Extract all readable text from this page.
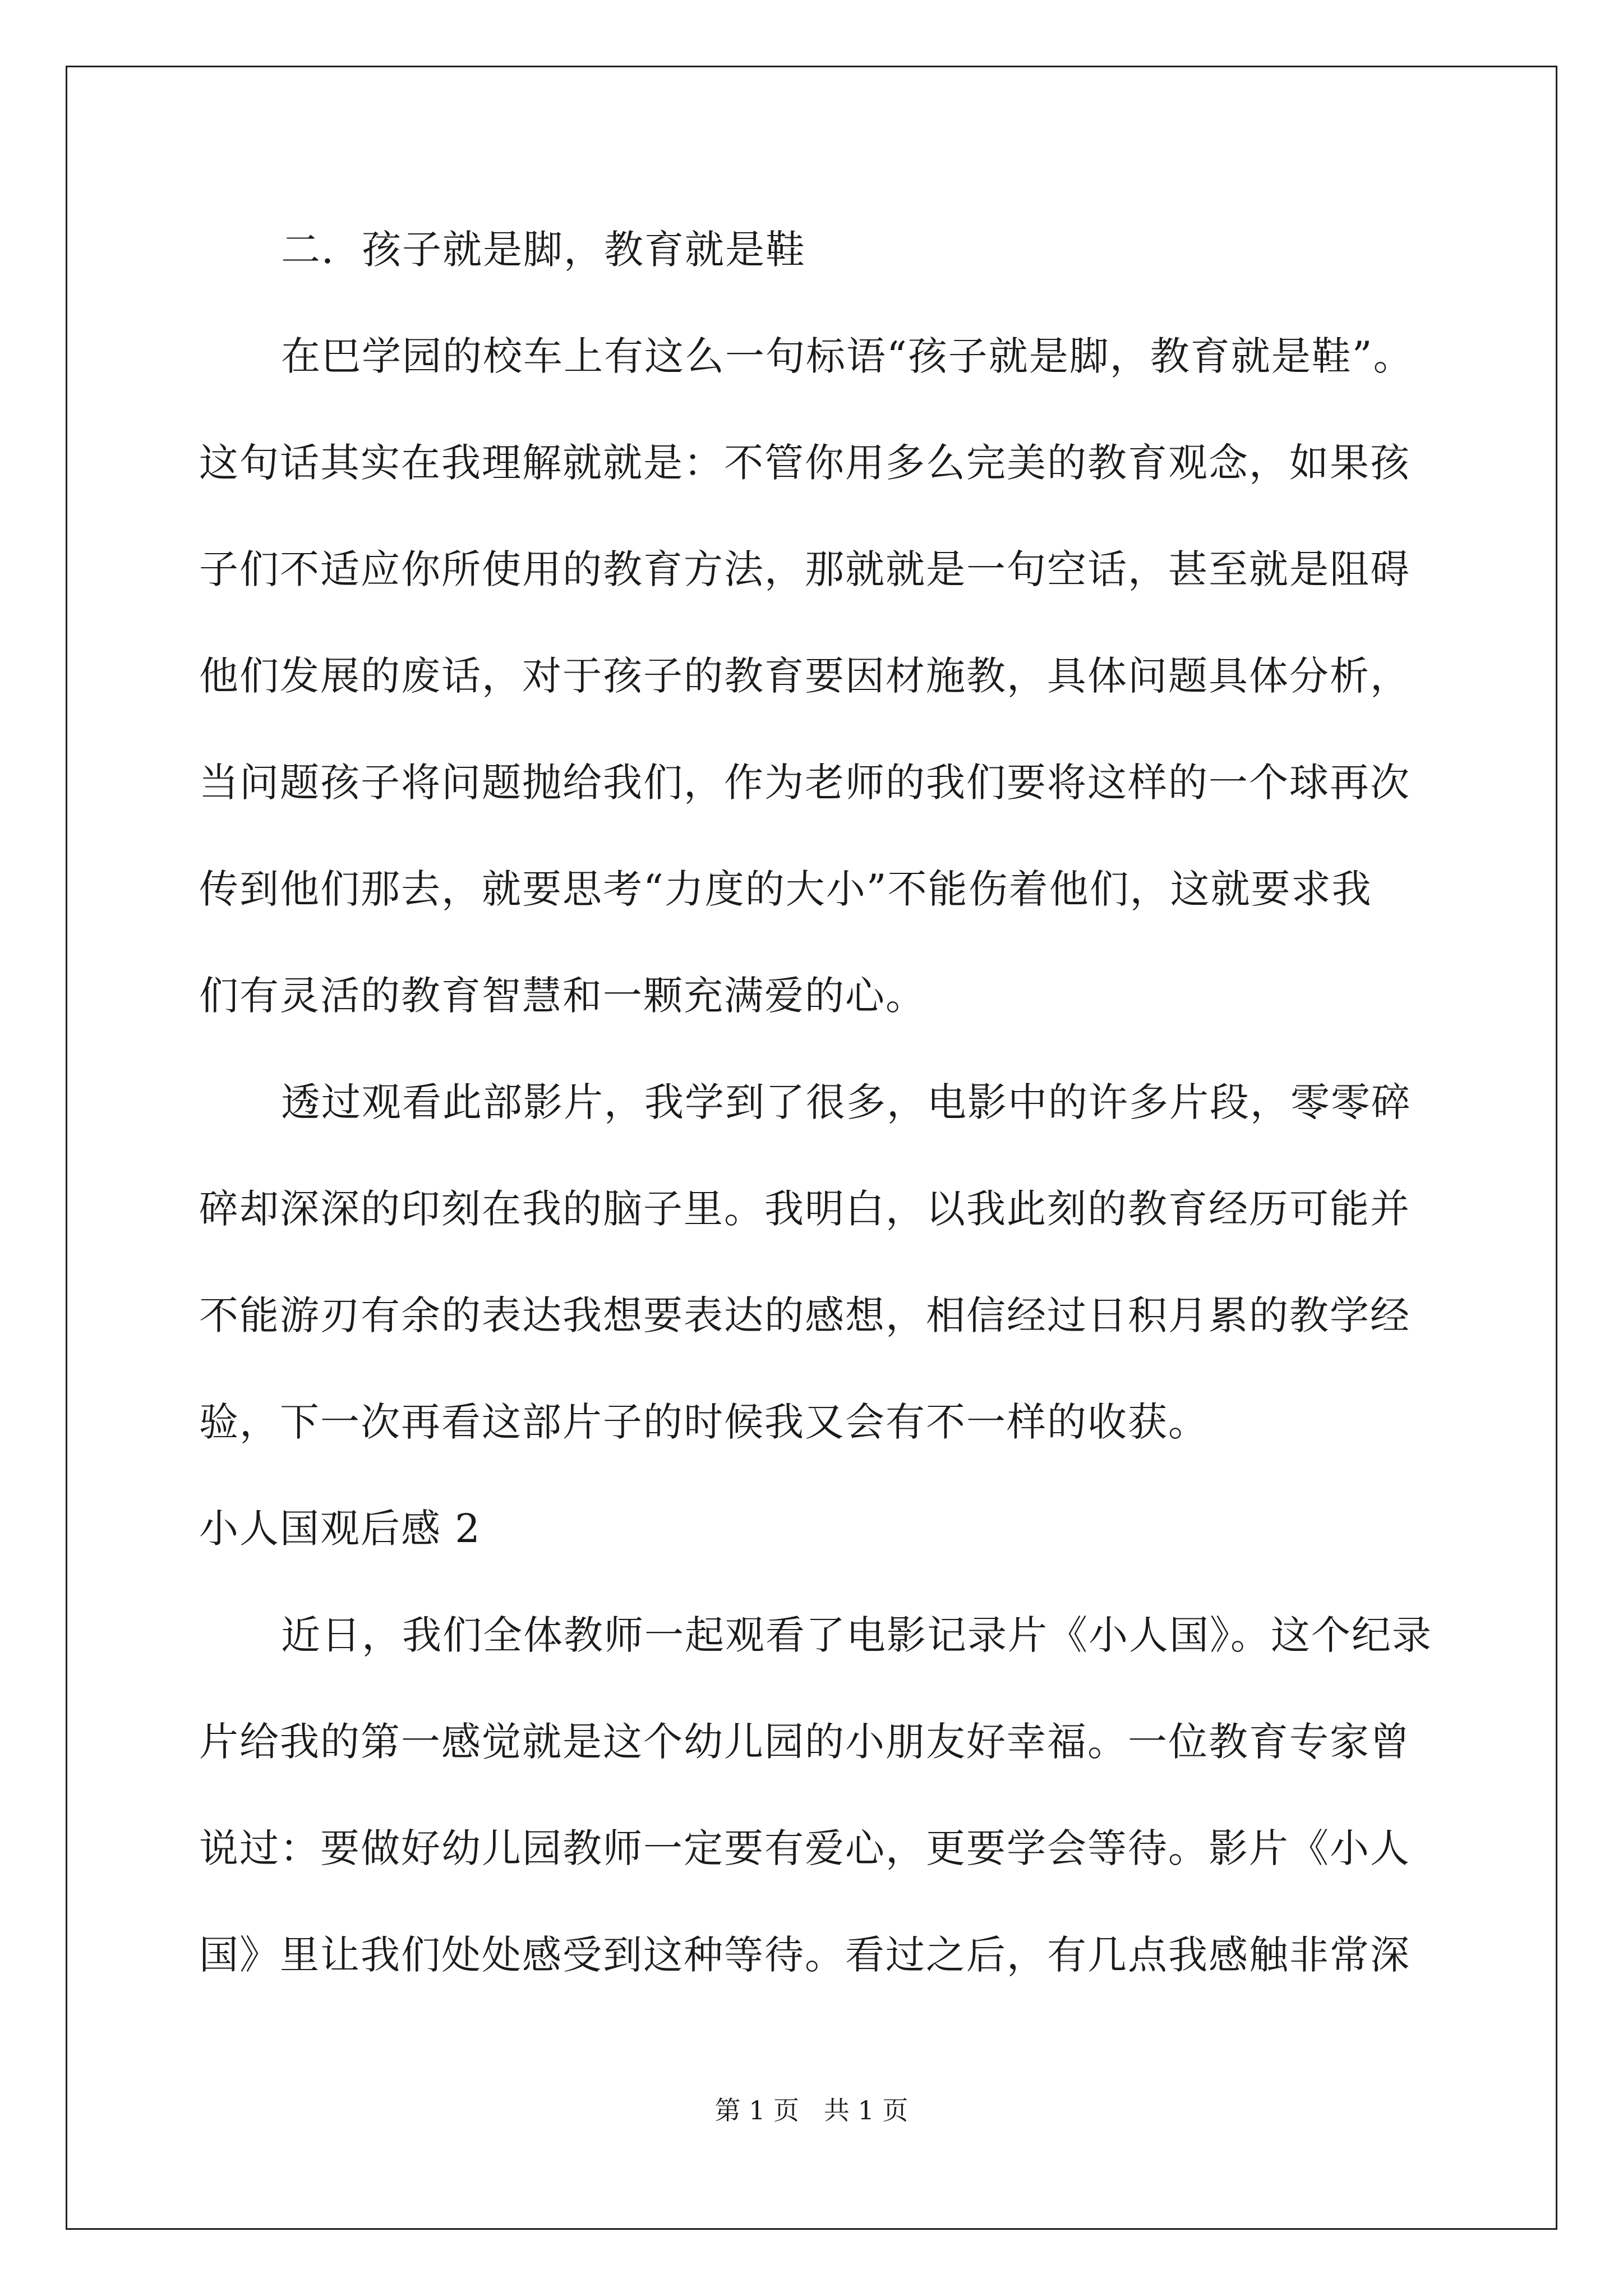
二．孩子就是脚，教育就是鞋
在巴学园的校车上有这么一句标语“孩子就是脚，教育就是鞋”。
这句话其实在我理解就就是：不管你用多么完美的教育观念，如果孩
子们不适应你所使用的教育方法，那就就是一句空话，甚至就是阻碍
他们发展的废话，对于孩子的教育要因材施教，具体问题具体分析，
当问题孩子将问题抛给我们，作为老师的我们要将这样的一个球再次
传到他们那去，就要思考“力度的大小”不能伤着他们，这就要求我
们有灵活的教育智慧和一颗充满爱的心。
透过观看此部影片，我学到了很多，电影中的许多片段，零零碎
碎却深深的印刻在我的脑子里。我明白，以我此刻的教育经历可能并
不能游刃有余的表达我想要表达的感想，相信经过日积月累的教学经
验，下一次再看这部片子的时候我又会有不一样的收获。
小人国观后感 2
近日，我们全体教师一起观看了电影记录片《小人国》。这个纪录
片给我的第一感觉就是这个幼儿园的小朋友好幸福。一位教育专家曾
说过：要做好幼儿园教师一定要有爱心，更要学会等待。影片《小人
国》里让我们处处感受到这种等待。看过之后，有几点我感触非常深
第 1 页   共 1 页
